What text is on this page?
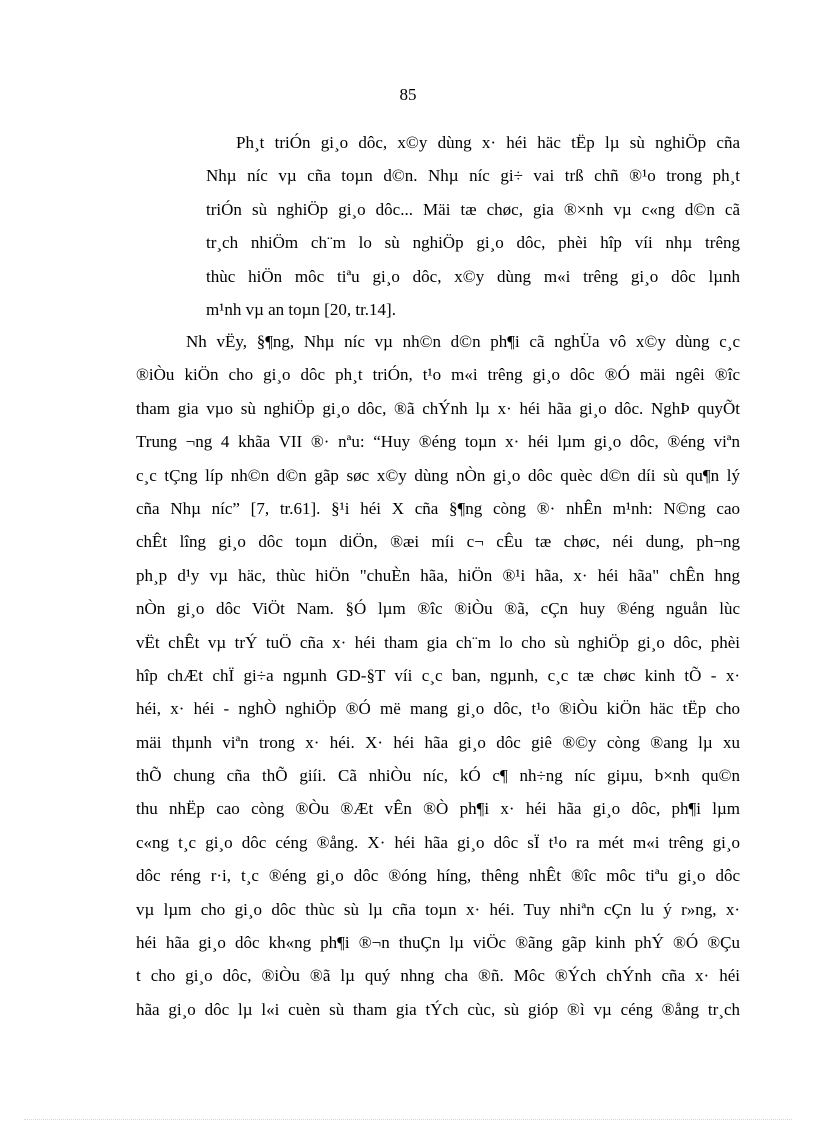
85
Ph¸t triÓn gi¸o dôc, x©y dùng x· héi häc tËp lµ sù nghiÖp cña
Nhµ níc vµ cña toµn d©n. Nhµ níc gi÷ vai trß chñ ®¹o trong ph¸t
triÓn sù nghiÖp gi¸o dôc... Mäi tæ chøc, gia ®×nh vµ c«ng d©n cã
tr¸ch nhiÖm ch¨m lo sù nghiÖp gi¸o dôc, phèi hîp víi nhµ trêng
thùc hiÖn môc tiªu gi¸o dôc, x©y dùng m«i trêng gi¸o dôc lµnh
m¹nh vµ an toµn [20, tr.14].
Nh vËy, §¶ng, Nhµ níc vµ nh©n d©n ph¶i cã nghÜa vô x©y dùng c¸c
®iÒu kiÖn cho gi¸o dôc ph¸t triÓn, t¹o m«i trêng gi¸o dôc ®Ó mäi ngêi ®îc
tham gia vµo sù nghiÖp gi¸o dôc, ®ã chÝnh lµ x· héi hãa gi¸o dôc. NghÞ quyÕt
Trung ¬ng 4 khãa VII ®· nªu: “Huy ®éng toµn x· héi lµm gi¸o dôc, ®éng viªn
c¸c tÇng líp nh©n d©n gãp søc x©y dùng nÒn gi¸o dôc quèc d©n díi sù qu¶n lý
cña Nhµ níc” [7, tr.61]. §¹i héi X cña §¶ng còng ®· nhÊn m¹nh: N©ng cao
chÊt lîng gi¸o dôc toµn diÖn, ®æi míi c¬ cÊu tæ chøc, néi dung, ph¬ng
ph¸p d¹y vµ häc, thùc hiÖn "chuÈn hãa, hiÖn ®¹i hãa, x· héi hãa" chÊn hng
nÒn gi¸o dôc ViÖt Nam. §Ó lµm ®îc ®iÒu ®ã, cÇn huy ®éng nguån lùc
vËt chÊt vµ trÝ tuÖ cña x· héi tham gia ch¨m lo cho sù nghiÖp gi¸o dôc, phèi
hîp chÆt chÏ gi÷a ngµnh GD-§T víi c¸c ban, ngµnh, c¸c tæ chøc kinh tÕ - x·
héi, x· héi - nghÒ nghiÖp ®Ó më mang gi¸o dôc, t¹o ®iÒu kiÖn häc tËp cho
mäi thµnh viªn trong x· héi. X· héi hãa gi¸o dôc giê ®©y còng ®ang lµ xu
thÕ chung cña thÕ giíi. Cã nhiÒu níc, kÓ c¶ nh÷ng níc giµu, b×nh qu©n
thu nhËp cao còng ®Òu ®Æt vÊn ®Ò ph¶i x· héi hãa gi¸o dôc, ph¶i lµm
c«ng t¸c gi¸o dôc céng ®ång. X· héi hãa gi¸o dôc sÏ t¹o ra mét m«i trêng gi¸o
dôc réng r·i, t¸c ®éng gi¸o dôc ®óng híng, thêng nhÊt ®îc môc tiªu gi¸o dôc
vµ lµm cho gi¸o dôc thùc sù lµ cña toµn x· héi. Tuy nhiªn cÇn lu ý r»ng, x·
héi hãa gi¸o dôc kh«ng ph¶i ®¬n thuÇn lµ viÖc ®ãng gãp kinh phÝ ®Ó ®Çu
t cho gi¸o dôc, ®iÒu ®ã lµ quý nhng cha ®ñ. Môc ®Ých chÝnh cña x· héi
hãa gi¸o dôc lµ l«i cuèn sù tham gia tÝch cùc, sù gióp ®ì vµ céng ®ång tr¸ch
